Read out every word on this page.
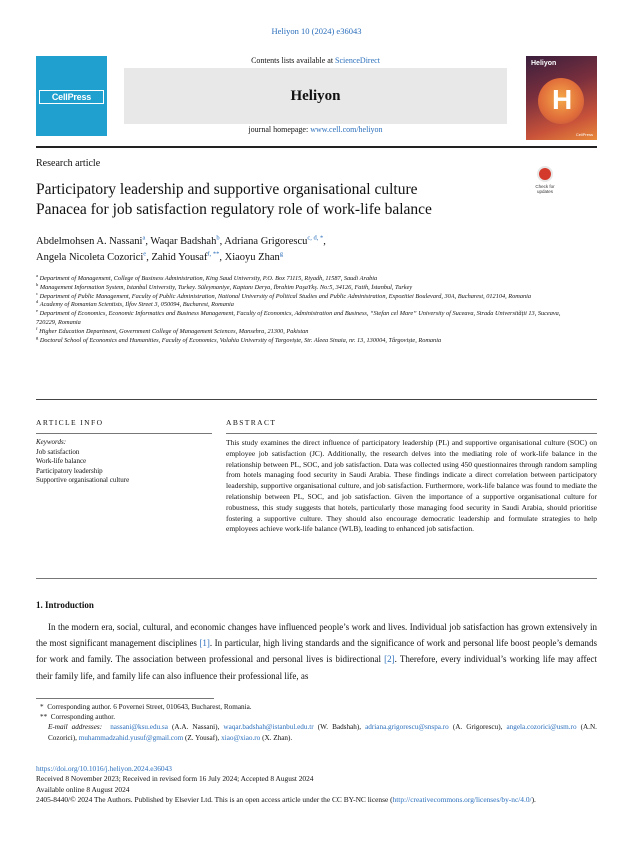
Heliyon 10 (2024) e36043
CellPress
Contents lists available at ScienceDirect
Heliyon
journal homepage: www.cell.com/heliyon
Heliyon
H
CellPress
Research article
Participatory leadership and supportive organisational culture
Panacea for job satisfaction regulatory role of work-life balance
Check for updates
Abdelmohsen A. Nassani$^a$, Waqar Badshah$^b$, Adriana Grigorescu$^{c, d, *}$,
Angela Nicoleta Cozorici$^e$, Zahid Yousaf$^{f, **}$, Xiaoyu Zhan$^g$
$^a$ Department of Management, College of Business Administration, King Saud University, P.O. Box 71115, Riyadh, 11587, Saudi Arabia
$^b$ Management Information System, Istanbul University, Turkey. Süleymaniye, Kaptanı Derya, İbrahim PaşaYkş. No:5, 34126, Fatih, İstanbul, Turkey
$^c$ Department of Public Management, Faculty of Public Administration, National University of Political Studies and Public Administration, Expozitiei Boulevard, 30A, Bucharest, 012104, Romania
$^d$ Academy of Romanian Scientists, Ilfov Street 3, 050094, Bucharest, Romania
$^e$ Department of Economics, Economic Informatics and Business Management, Faculty of Economics, Administration and Business, “Stefan cel Mare” University of Suceava, Strada Universității 13, Suceava, 720229, Romania
$^f$ Higher Education Department, Government College of Management Sciences, Mansehra, 21300, Pakistan
$^g$ Doctoral School of Economics and Humanities, Faculty of Economics, Valahia University of Targoviște, Str. Aleea Sinaia, nr. 13, 130004, Târgoviște, Romania
ARTICLE INFO	ABSTRACT
Keywords:
Job satisfaction
Work-life balance
Participatory leadership
Supportive organisational culture
This study examines the direct influence of participatory leadership (PL) and supportive organisational culture (SOC) on employee job satisfaction (JC). Additionally, the research delves into the mediating role of work-life balance in the relationship between PL, SOC, and job satisfaction. Data was collected using 450 questionnaires through random sampling from hotels managing food security in Saudi Arabia. These findings indicate a direct correlation between participatory leadership, supportive organisational culture, and job satisfaction. Furthermore, work-life balance was found to mediate the relationship between PL, SOC, and job satisfaction. Given the importance of a supportive organisational culture for robustness, this study suggests that hotels, particularly those managing food security in Saudi Arabia, should prioritise fostering a supportive culture. They should also encourage democratic leadership and formulate strategies to help employees achieve work-life balance (WLB), leading to enhanced job satisfaction.
1. Introduction
In the modern era, social, cultural, and economic changes have influenced people’s work and lives. Individual job satisfaction has grown extensively in the most significant management disciplines [1]. In particular, high living standards and the significance of work and personal life boost people’s demands for work and family. The association between professional and personal lives is bidirectional [2]. Therefore, every individual’s working life may affect their family life, and family life can also influence their professional life, as
* Corresponding author. 6 Povernei Street, 010643, Bucharest, Romania.
** Corresponding author.
E-mail addresses: nassani@ksu.edu.sa (A.A. Nassani), waqar.badshah@istanbul.edu.tr (W. Badshah), adriana.grigorescu@snspa.ro (A. Grigorescu), angela.cozorici@usm.ro (A.N. Cozorici), muhammadzahid.yusuf@gmail.com (Z. Yousaf), xiao@xiao.ro (X. Zhan).
https://doi.org/10.1016/j.heliyon.2024.e36043
Received 8 November 2023; Received in revised form 16 July 2024; Accepted 8 August 2024
Available online 8 August 2024
2405-8440/© 2024 The Authors. Published by Elsevier Ltd. This is an open access article under the CC BY-NC license (http://creativecommons.org/licenses/by-nc/4.0/).
